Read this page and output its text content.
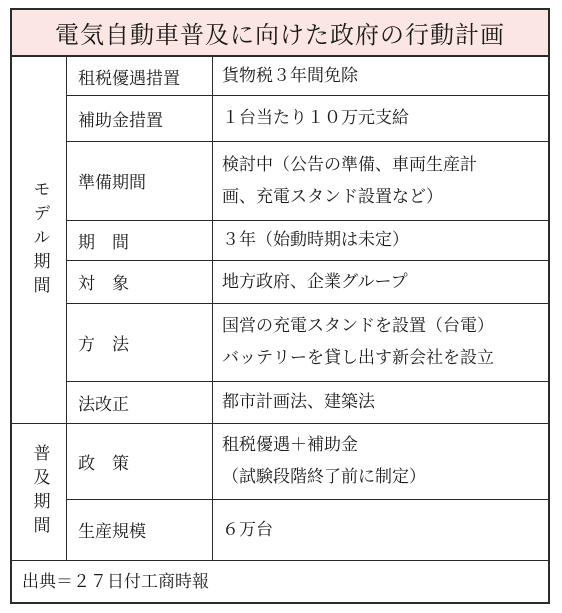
電気自動車普及に向けた政府の行動計画
モデル期間
普及期間
租税優遇措置
補助金措置
準備期間
期　間
対　象
方　法
法改正
政　策
生産規模
貨物税３年間免除
１台当たり１０万元支給
検討中（公告の準備、車両生産計
画、充電スタンド設置など）
３年（始動時期は未定）
地方政府、企業グループ
国営の充電スタンドを設置（台電）
バッテリーを貸し出す新会社を設立
都市計画法、建築法
租税優遇＋補助金
（試験段階終了前に制定）
６万台
出典＝２７日付工商時報
